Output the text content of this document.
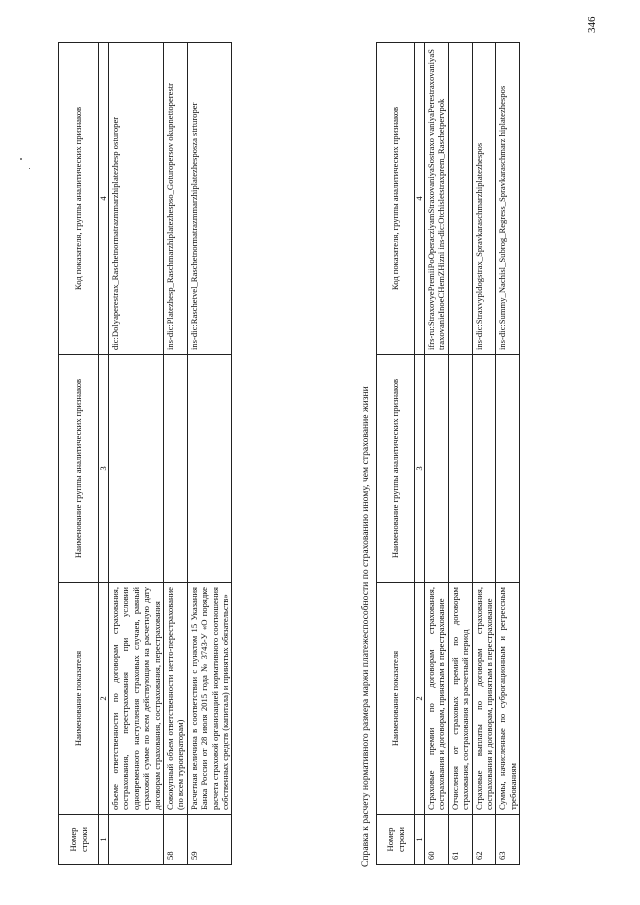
Номер строки	Наименование показателя	Наименование группы аналитических признаков	Код показателя, группы аналитических признаков
1	2	3	4
	объеме ответственности по договорам страхования, сострахования, перестрахования при условии одновременного наступления страховых случаев, равный страховой сумме по всем действующим на расчетную дату договорам страхования, сострахования, перестрахования		dic:Dolyaperestrax_Raschetnormatrazmmarzhiplatezhesp osturoper
58	Совокупный объем ответственности нетто-перестрахование (по всем туроператорам)		ins-dic:Platezhesp_Raschmarzhiplatezhespso_Goturopersov okupnettoperestr
59	Расчетная величина в соответствии с пунктом 15 Указания Банка России от 28 июля 2015 года № 3743-У «О порядке расчета страховой организацией нормативного соотношения собственных средств (капитала) и принятых обязательств»		ins-dic:Raschetvel_Raschetnormatrazmmarzhiplatezhesposza strturoper
Справка к расчету нормативного размера маржи платежеспособности по страхованию иному, чем страхование жизни Номер строки	Наименование показателя	Наименование группы аналитических признаков	Код показателя, группы аналитических признаков
1	2	3	4
60	Страховые премии по договорам страхования, сострахования и договорам, принятым в перестрахование		ifrs-ru:StraxovyePremiiPoOperacziyamStraxovaniyaSostraxo vaniyaPerestraxovaniyaStraxovanieInoeCHemZHizni ins-dic:Otchisletstraxprem_Raschetpervpok
61	Отчисления от страховых премий по договорам страхования, сострахования за расчетный период		
62	Страховые выплаты по договорам страхования, сострахования и договорам, принятым в перестрахование		ins-dic:Straxvypldogstrax_Spravkaraschmarzhiplatezhespos
63	Суммы, начисленные по суброгационным и регрессным требованиям		ins-dic:Summy_Nachisl_Subrog_Regress_Spravkaraschmarz hiplatezhespos
346
